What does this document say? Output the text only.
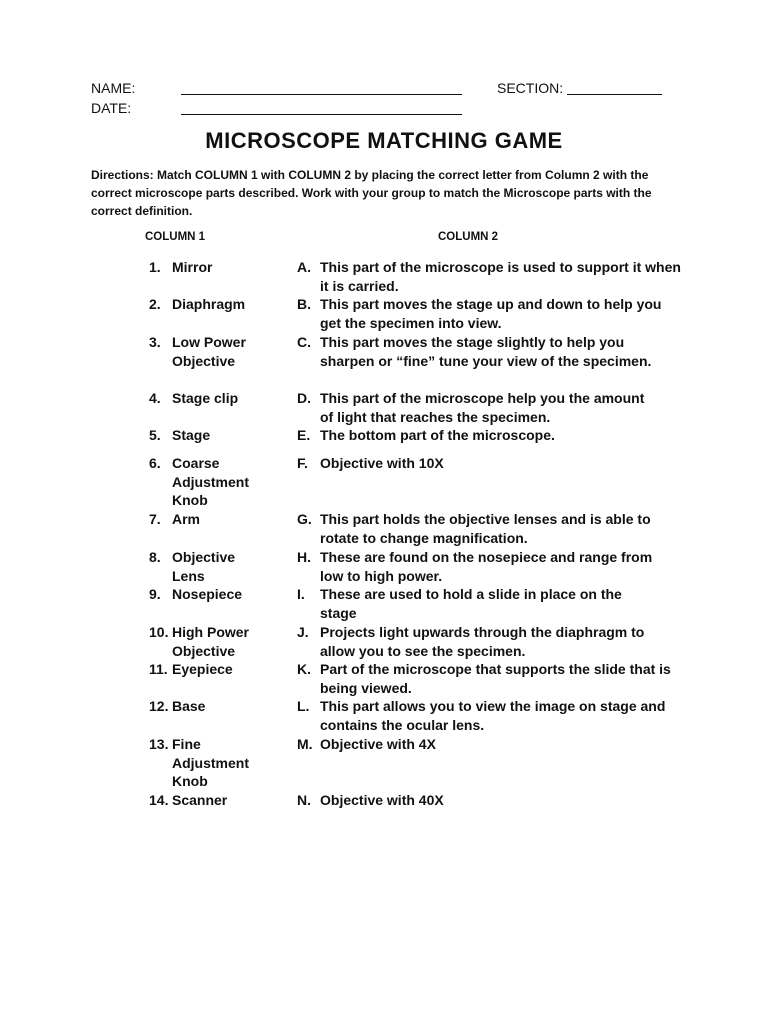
NAME:
DATE:
SECTION:
MICROSCOPE MATCHING GAME
Directions: Match COLUMN 1 with COLUMN 2 by placing the correct letter from Column 2 with the correct microscope parts described. Work with your group to match the Microscope parts with the correct definition.
COLUMN 1	COLUMN 2
1. Mirror
2. Diaphragm
3. Low Power Objective
4. Stage clip
5. Stage
6. Coarse Adjustment Knob
7. Arm
8. Objective Lens
9. Nosepiece
10. High Power
Objective
11. Eyepiece
12. Base
13. Fine Adjustment Knob
14. Scanner
A. This part of the microscope is used to support it when it is carried.
B. This part moves the stage up and down to help you get the specimen into view.
C. This part moves the stage slightly to help you sharpen or “fine” tune your view of the specimen.
D. This part of the microscope help you the amount of light that reaches the specimen.
E. The bottom part of the microscope.
F. Objective with 10X
G. This part holds the objective lenses and is able to rotate to change magnification.
H. These are found on the nosepiece and range from low to high power.
I. These are used to hold a slide in place on the stage
J. Projects light upwards through the diaphragm to allow you to see the specimen.
K. Part of the microscope that supports the slide that is being viewed.
L. This part allows you to view the image on stage and contains the ocular lens.
M. Objective with 4X
N. Objective with 40X
